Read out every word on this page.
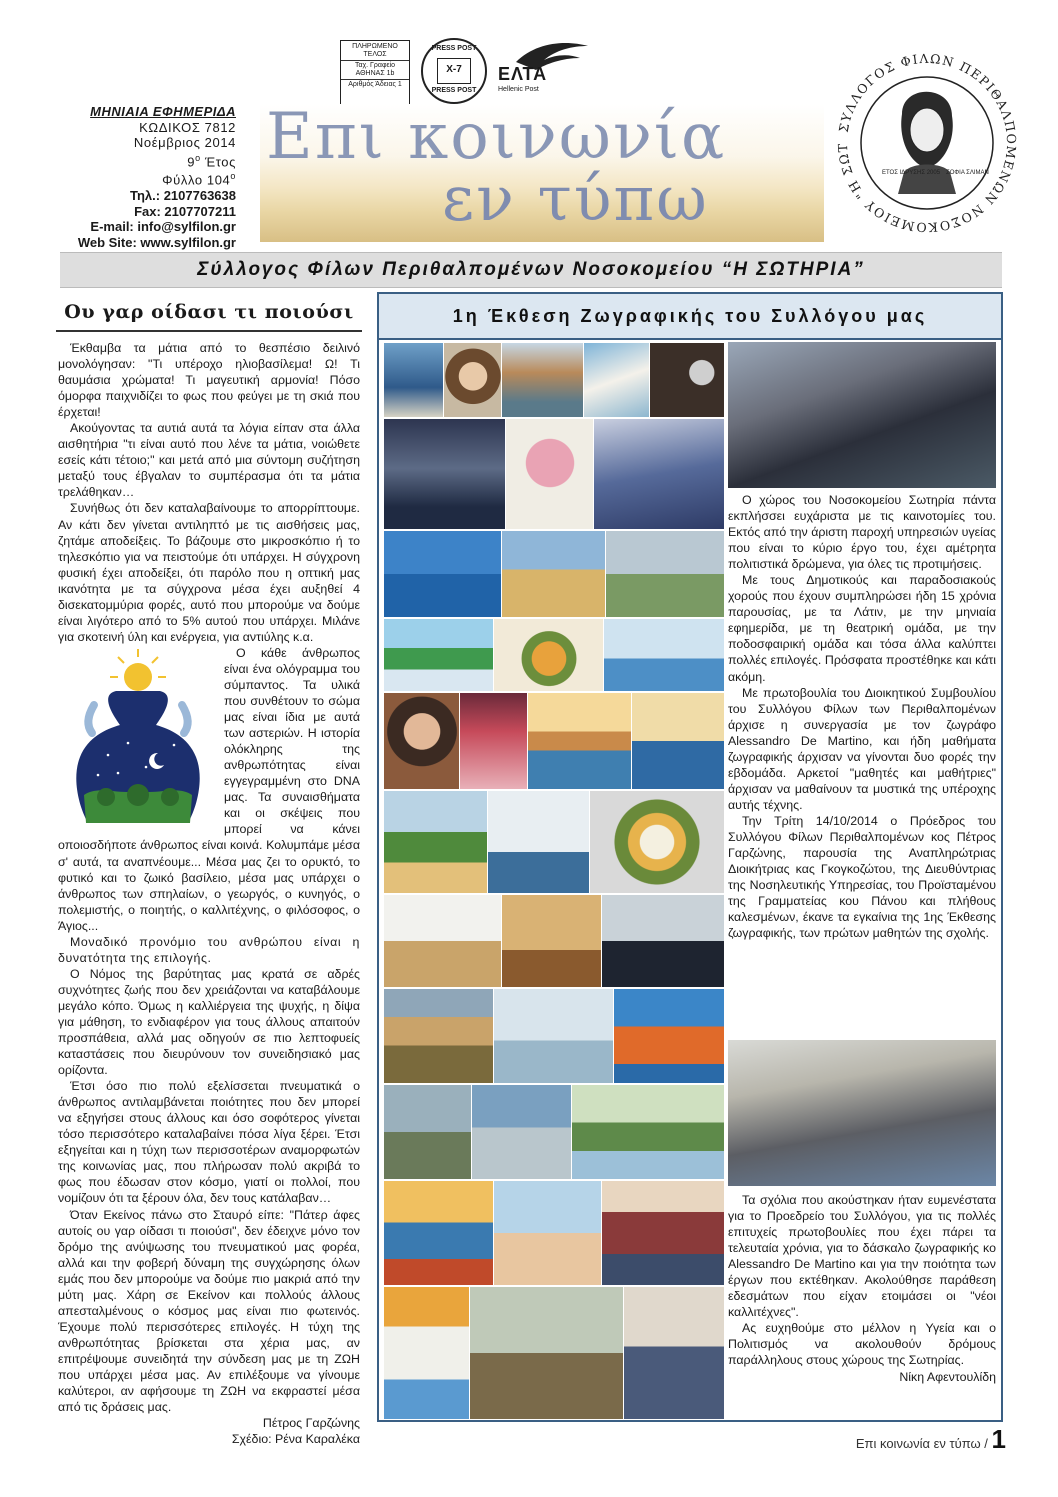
ΜΗΝΙΑΙΑ ΕΦΗΜΕΡΙΔΑ
ΚΩΔΙΚΟΣ 7812
Νοέμβριος 2014
$9^o$ Έτος
Φύλλο $104^o$
Τηλ.: 2107763638
Fax: 2107707211
E-mail: info@sylfilon.gr
Web Site: www.sylfilon.gr
ΠΛΗΡΩΜΕΝΟ ΤΕΛΟΣ
Ταχ. Γραφείο ΑΘΗΝΑΣ 1b
Αριθμός Άδειας 1
PRESS POST
Χ-7
PRESS POST
ΕΛΤΑ
Hellenic Post
Επι κοινωνία
εν τύπω
ΣΥΛΛΟΓΟΣ ΦΙΛΩΝ ΠΕΡΙΘΑΛΠΟΜΕΝΩΝ ΝΟΣΟΚΟΜΕΙΟΥ "Η ΣΩΤ
ΕΤΟΣ ΙΔΡΥΣΗΣ 2005 ΣΟΦΙΑ ΣΛΙΜΑΝ
Σύλλογος Φίλων Περιθαλπομένων Νοσοκομείου “Η ΣΩΤΗΡΙΑ”
Ου γαρ οίδασι τι ποιούσι

Έκθαμβα τα μάτια από το θεσπέσιο δειλινό μονολόγησαν: "Τι υπέροχο ηλιοβασίλεμα! Ω! Τι θαυμάσια χρώματα! Τι μαγευτική αρμονία! Πόσο όμορφα παιχνιδίζει το φως που φεύγει με τη σκιά που έρχεται!

Ακούγοντας τα αυτιά αυτά τα λόγια είπαν στα άλλα αισθητήρια "τι είναι αυτό που λένε τα μάτια, νοιώθετε εσείς κάτι τέτοιο;" και μετά από μια σύντομη συζήτηση μεταξύ τους έβγαλαν το συμπέρασμα ότι τα μάτια τρελάθηκαν…

Συνήθως ότι δεν καταλαβαίνουμε το απορρίπτουμε. Αν κάτι δεν γίνεται αντιληπτό με τις αισθήσεις μας, ζητάμε αποδείξεις. Το βάζουμε στο μικροσκόπιο ή το τηλεσκόπιο για να πειστούμε ότι υπάρχει. Η σύγχρονη φυσική έχει αποδείξει, ότι παρόλο που η οπτική μας ικανότητα με τα σύγχρονα μέσα έχει αυξηθεί 4 δισεκατομμύρια φορές, αυτό που μπορούμε να δούμε είναι λιγότερο από το 5% αυτού που υπάρχει. Μιλάνε για σκοτεινή ύλη και ενέργεια, για αντιύλης κ.α.

Ο κάθε άνθρωπος είναι ένα ολόγραμμα του σύμπαντος. Τα υλικά που συνθέτουν το σώμα μας είναι ίδια με αυτά των αστεριών. Η ιστορία ολόκληρης της ανθρωπότητας είναι εγγεγραμμένη στο DNA μας. Τα συναισθήματα και οι σκέψεις που μπορεί να κάνει οποιοσδήποτε άνθρωπος είναι κοινά. Κολυμπάμε μέσα σ' αυτά, τα αναπνέουμε... Μέσα μας ζει το ορυκτό, το φυτικό και το ζωικό βασίλειο, μέσα μας υπάρχει ο άνθρωπος των σπηλαίων, ο γεωργός, ο κυνηγός, ο πολεμιστής, ο ποιητής, ο καλλιτέχνης, ο φιλόσοφος, ο Άγιος...

Μοναδικό προνόμιο του ανθρώπου είναι η δυνατότητα της επιλογής.

Ο Νόμος της βαρύτητας μας κρατά σε αδρές συχνότητες ζωής που δεν χρειάζονται να καταβάλουμε μεγάλο κόπο. Όμως η καλλιέργεια της ψυχής, η δίψα για μάθηση, το ενδιαφέρον για τους άλλους απαιτούν προσπάθεια, αλλά μας οδηγούν σε πιο λεπτοφυείς καταστάσεις που διευρύνουν τον συνειδησιακό μας ορίζοντα.

Έτσι όσο πιο πολύ εξελίσσεται πνευματικά ο άνθρωπος αντιλαμβάνεται ποιότητες που δεν μπορεί να εξηγήσει στους άλλους και όσο σοφότερος γίνεται τόσο περισσότερο καταλαβαίνει πόσα λίγα ξέρει. Έτσι εξηγείται και η τύχη των περισσοτέρων αναμορφωτών της κοινωνίας μας, που πλήρωσαν πολύ ακριβά το φως που έδωσαν στον κόσμο, γιατί οι πολλοί, που νομίζουν ότι τα ξέρουν όλα, δεν τους κατάλαβαν…

Όταν Εκείνος πάνω στο Σταυρό είπε: "Πάτερ άφες αυτοίς ου γαρ οίδασι τι ποιούσι", δεν έδειχνε μόνο τον δρόμο της ανύψωσης του πνευματικού μας φορέα, αλλά και την φοβερή δύναμη της συγχώρησης όλων εμάς που δεν μπορούμε να δούμε πιο μακριά από την μύτη μας. Χάρη σε Εκείνον και πολλούς άλλους απεσταλμένους ο κόσμος μας είναι πιο φωτεινός. Έχουμε πολύ περισσότερες επιλογές. Η τύχη της ανθρωπότητας βρίσκεται στα χέρια μας, αν επιτρέψουμε συνειδητά την σύνδεση μας με τη ΖΩΗ που υπάρχει μέσα μας. Αν επιλέξουμε να γίνουμε καλύτεροι, αν αφήσουμε τη ΖΩΗ να εκφραστεί μέσα από τις δράσεις μας.

Πέτρος Γαρζώνης

Σχέδιο: Ρένα Καραλέκα

1η Έκθεση Ζωγραφικής του Συλλόγου μας

Ο χώρος του Νοσοκομείου Σωτηρία πάντα εκπλήσσει ευχάριστα με τις καινοτομίες του. Εκτός από την άριστη παροχή υπηρεσιών υγείας που είναι το κύριο έργο του, έχει αμέτρητα πολιτιστικά δρώμενα, για όλες τις προτιμήσεις.

Με τους Δημοτικούς και παραδοσιακούς χορούς που έχουν συμπληρώσει ήδη 15 χρόνια παρουσίας, με τα Λάτιν, με την μηνιαία εφημερίδα, με τη θεατρική ομάδα, με την ποδοσφαιρική ομάδα και τόσα άλλα καλύπτει πολλές επιλογές. Πρόσφατα προστέθηκε και κάτι ακόμη.

Με πρωτοβουλία του Διοικητικού Συμβουλίου του Συλλόγου Φίλων των Περιθαλπομένων άρχισε η συνεργασία με τον ζωγράφο Alessandro De Martino, και ήδη μαθήματα ζωγραφικής άρχισαν να γίνονται δυο φορές την εβδομάδα. Αρκετοί "μαθητές και μαθήτριες" άρχισαν να μαθαίνουν τα μυστικά της υπέροχης αυτής τέχνης.

Την Τρίτη 14/10/2014 ο Πρόεδρος του Συλλόγου Φίλων Περιθαλπομένων κος Πέτρος Γαρζώνης, παρουσία της Αναπληρώτριας Διοικήτριας κας Γκογκοζώτου, της Διευθύντριας της Νοσηλευτικής Υπηρεσίας, του Προϊσταμένου της Γραμματείας κου Πάνου και πλήθους καλεσμένων, έκανε τα εγκαίνια της 1ης Έκθεσης ζωγραφικής, των πρώτων μαθητών της σχολής.

Τα σχόλια που ακούστηκαν ήταν ευμενέστατα για το Προεδρείο του Συλλόγου, για τις πολλές επιτυχείς πρωτοβουλίες που έχει πάρει τα τελευταία χρόνια, για το δάσκαλο ζωγραφικής κο Alessandro De Martino και για την ποιότητα των έργων που εκτέθηκαν. Ακολούθησε παράθεση εδεσμάτων που είχαν ετοιμάσει οι "νέοι καλλιτέχνες".

Ας ευχηθούμε στο μέλλον η Υγεία και ο Πολιτισμός να ακολουθούν δρόμους παράλληλους στους χώρους της Σωτηρίας.

Νίκη Αφεντουλίδη

Επι κοινωνία εν τύπω / 1
